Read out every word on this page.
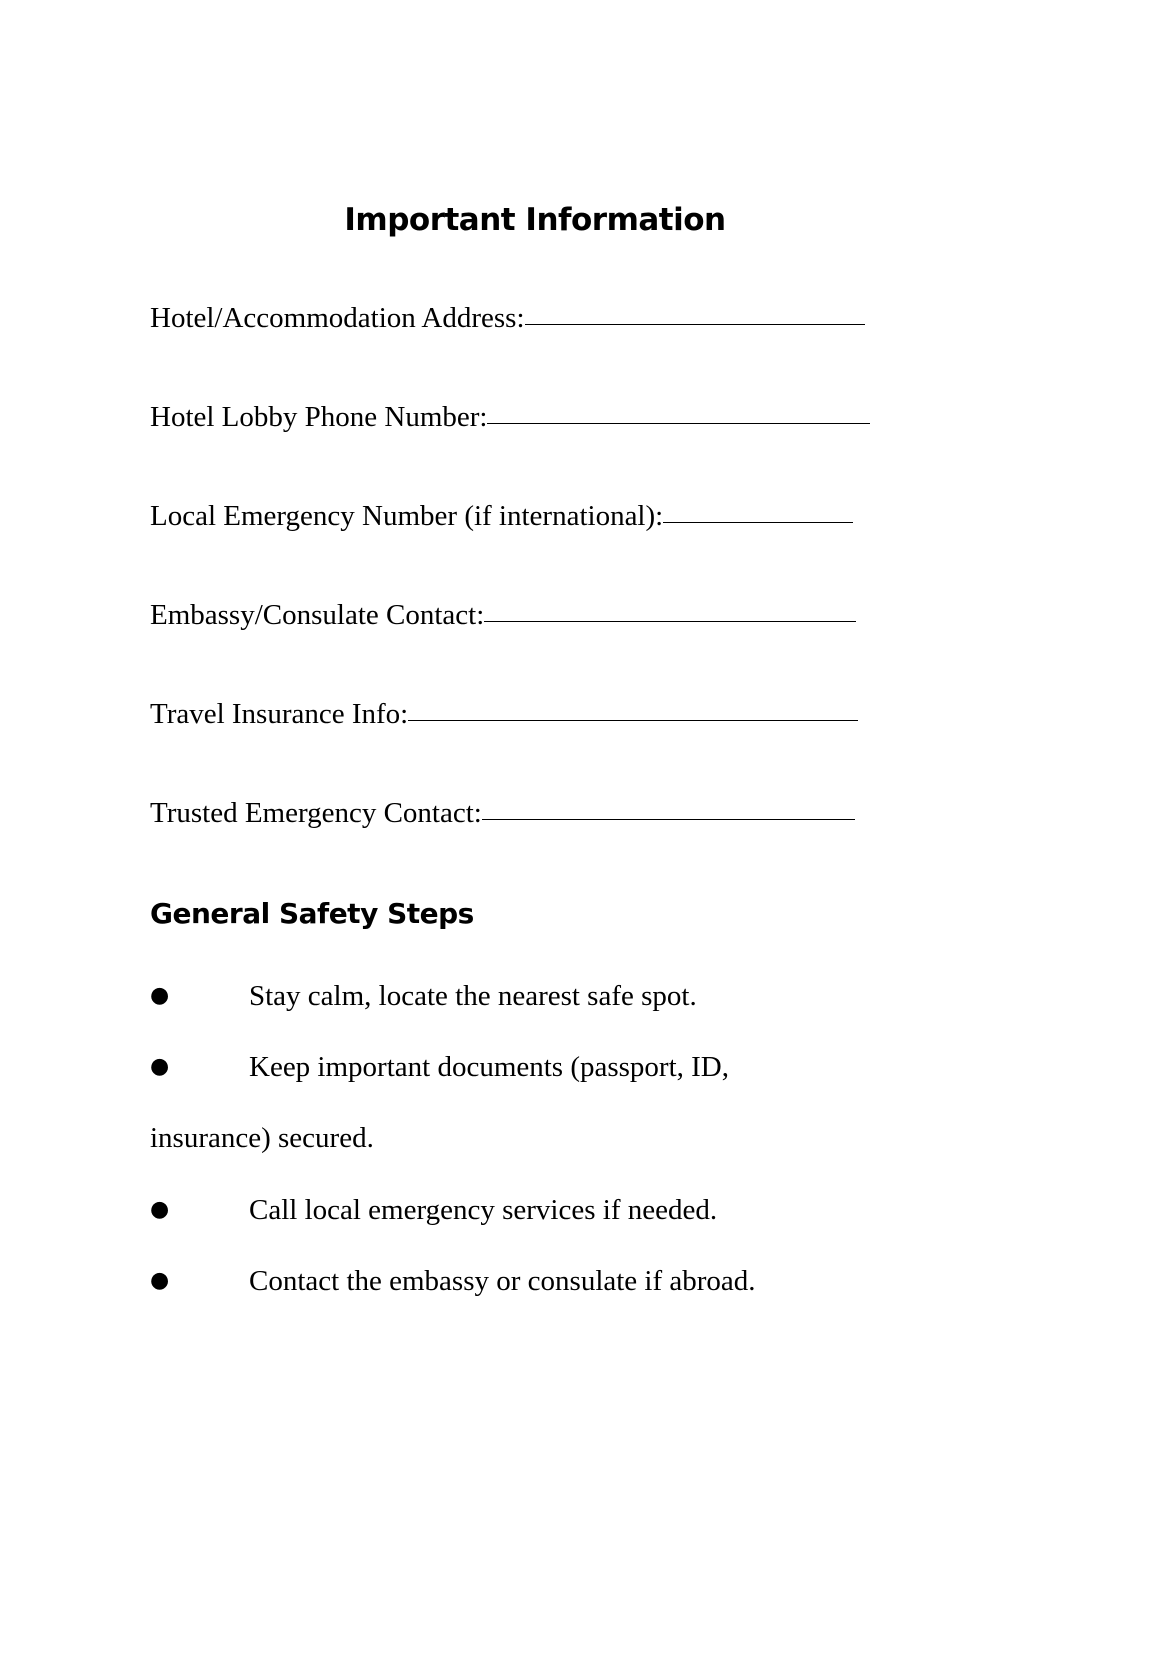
Important Information
Hotel/Accommodation Address:
Hotel Lobby Phone Number:
Local Emergency Number (if international):
Embassy/Consulate Contact:
Travel Insurance Info:
Trusted Emergency Contact:
General Safety Steps
●	Stay calm, locate the nearest safe spot.
●	Keep important documents (passport, ID,
insurance) secured.
●	Call local emergency services if needed.
●	Contact the embassy or consulate if abroad.
